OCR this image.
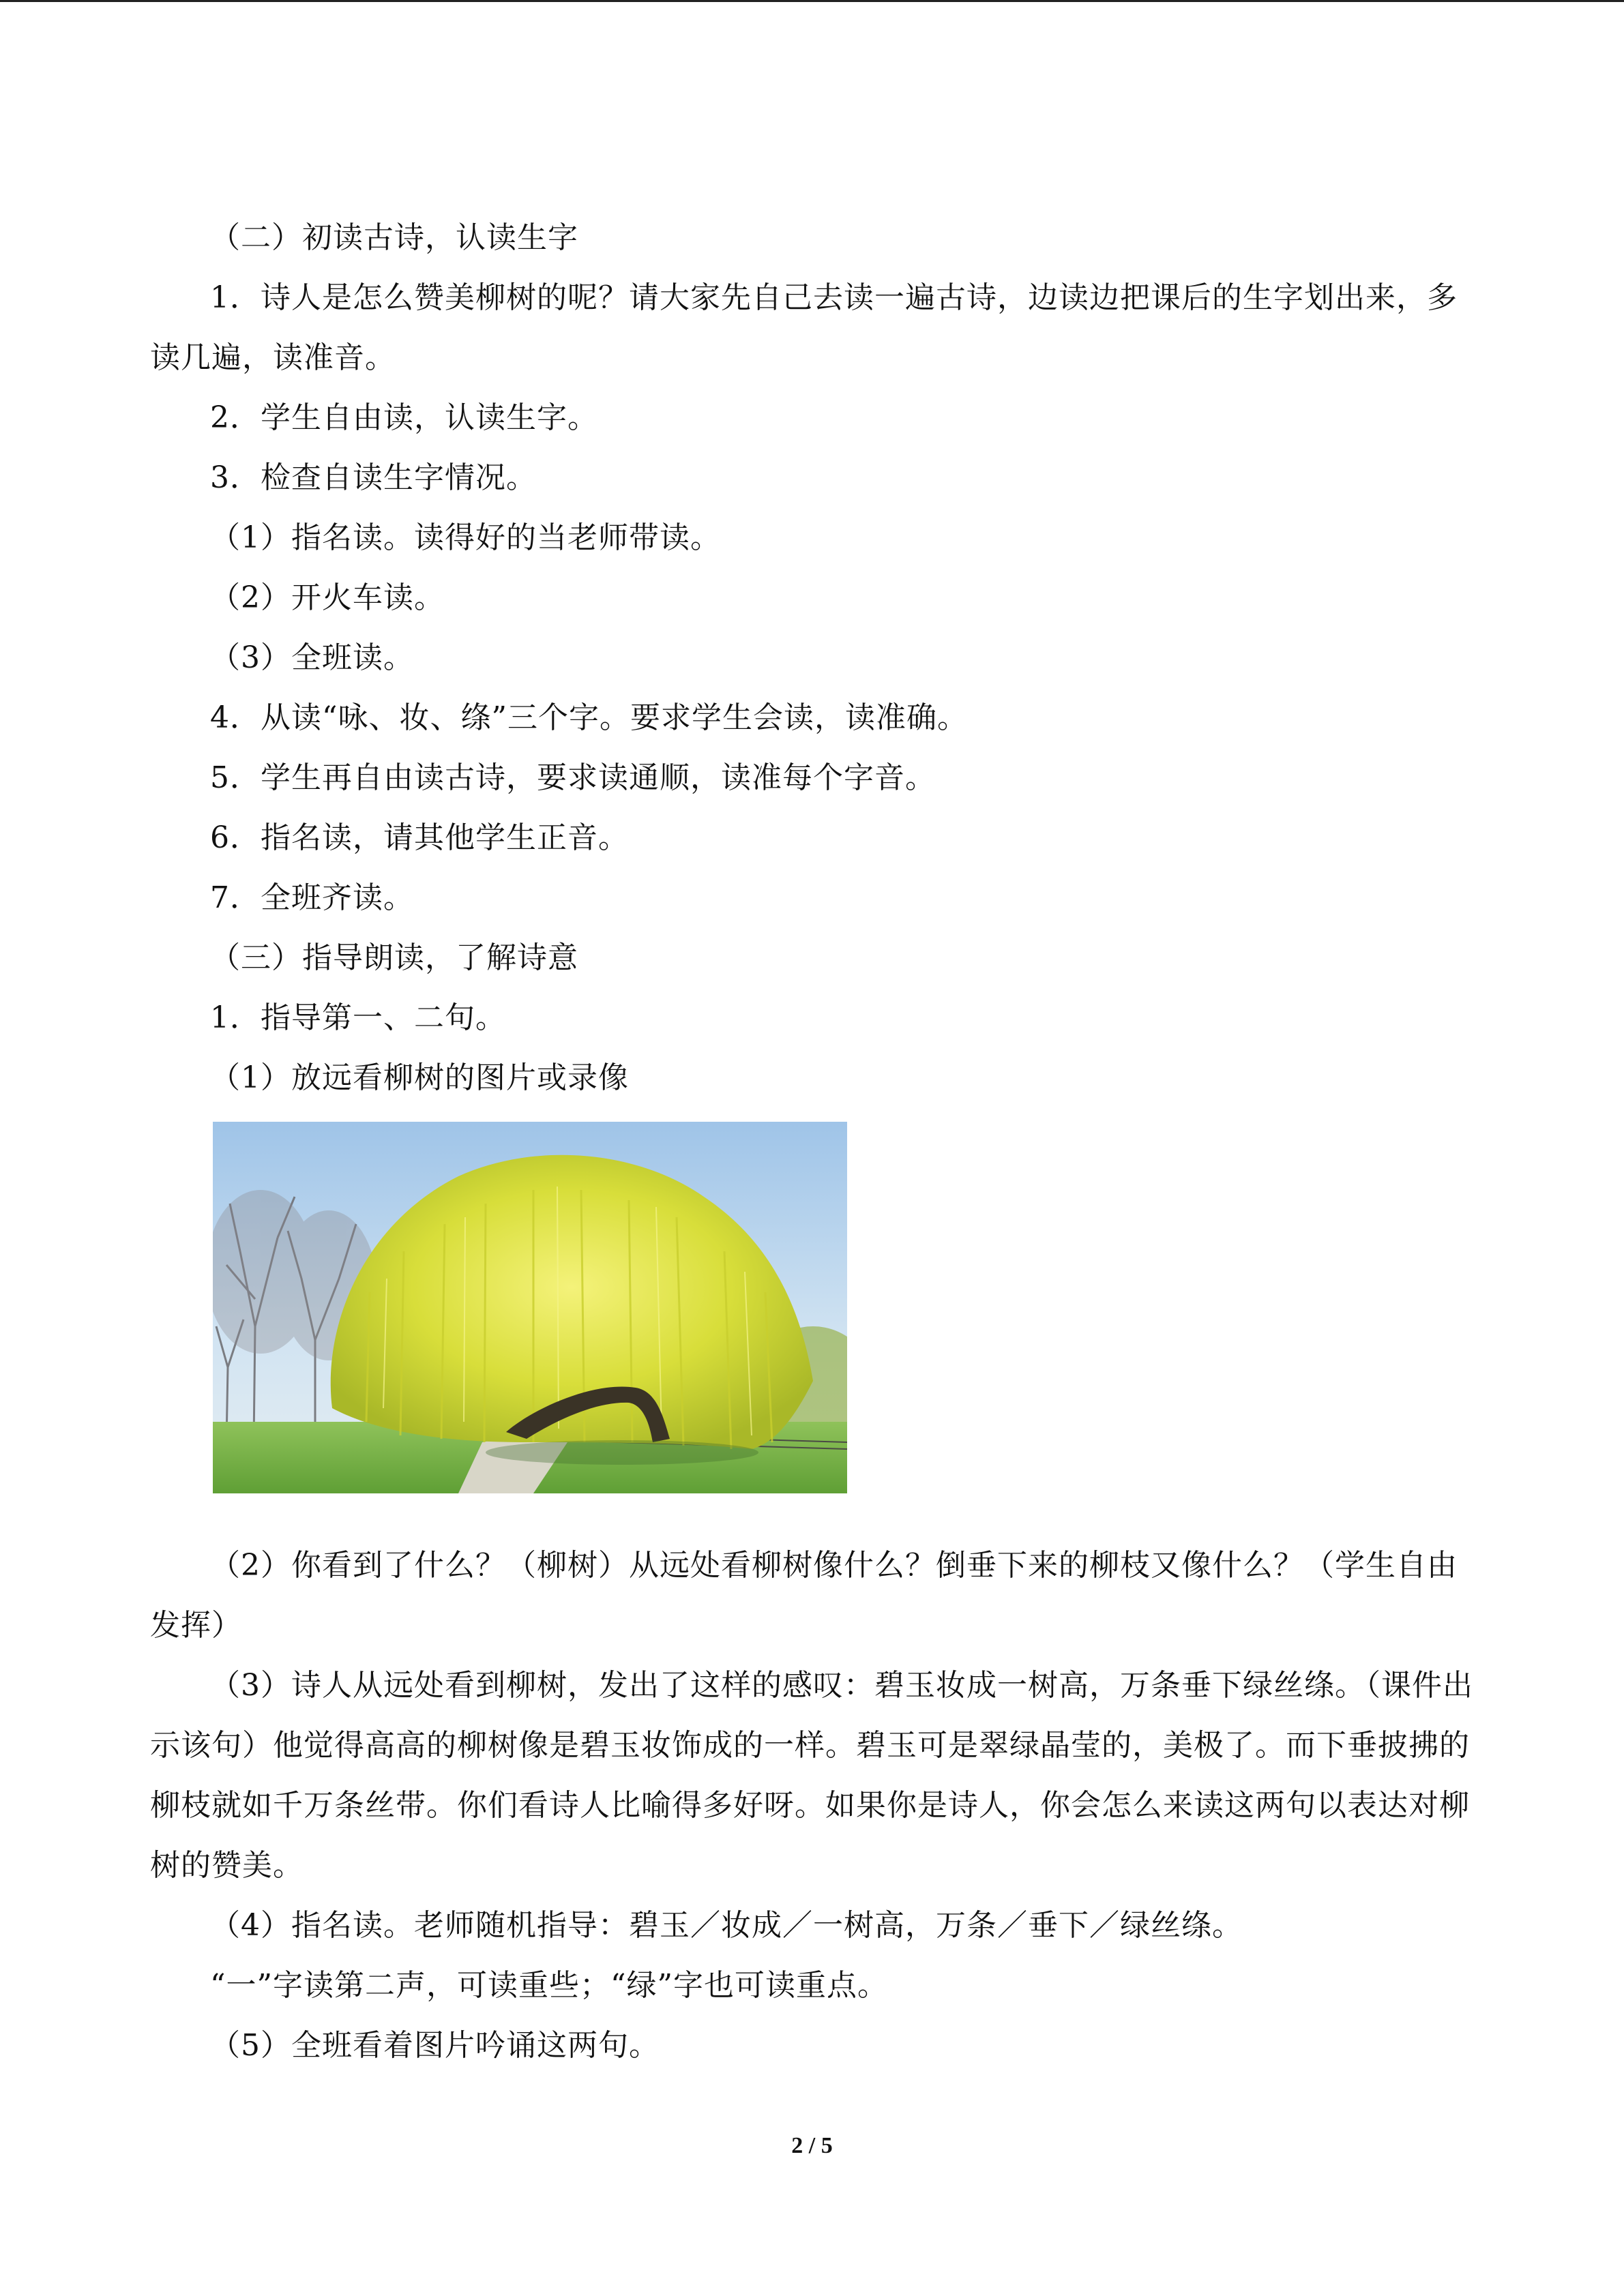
（二）初读古诗，认读生字

1．诗人是怎么赞美柳树的呢？请大家先自己去读一遍古诗，边读边把课后的生字划出来，多读几遍，读准音。

2．学生自由读，认读生字。

3．检查自读生字情况。

（1）指名读。读得好的当老师带读。

（2）开火车读。

（3）全班读。

4．从读“咏、妆、绦”三个字。要求学生会读，读准确。

5．学生再自由读古诗，要求读通顺，读准每个字音。

6．指名读，请其他学生正音。

7．全班齐读。

（三）指导朗读，了解诗意

1．指导第一、二句。

（1）放远看柳树的图片或录像

（2）你看到了什么？（柳树）从远处看柳树像什么？倒垂下来的柳枝又像什么？（学生自由发挥）

（3）诗人从远处看到柳树，发出了这样的感叹：碧玉妆成一树高，万条垂下绿丝绦。（课件出示该句）他觉得高高的柳树像是碧玉妆饰成的一样。碧玉可是翠绿晶莹的，美极了。而下垂披拂的柳枝就如千万条丝带。你们看诗人比喻得多好呀。如果你是诗人，你会怎么来读这两句以表达对柳树的赞美。

（4）指名读。老师随机指导：碧玉／妆成／一树高，万条／垂下／绿丝绦。

“一”字读第二声，可读重些；“绿”字也可读重点。

（5）全班看着图片吟诵这两句。

2 / 5
